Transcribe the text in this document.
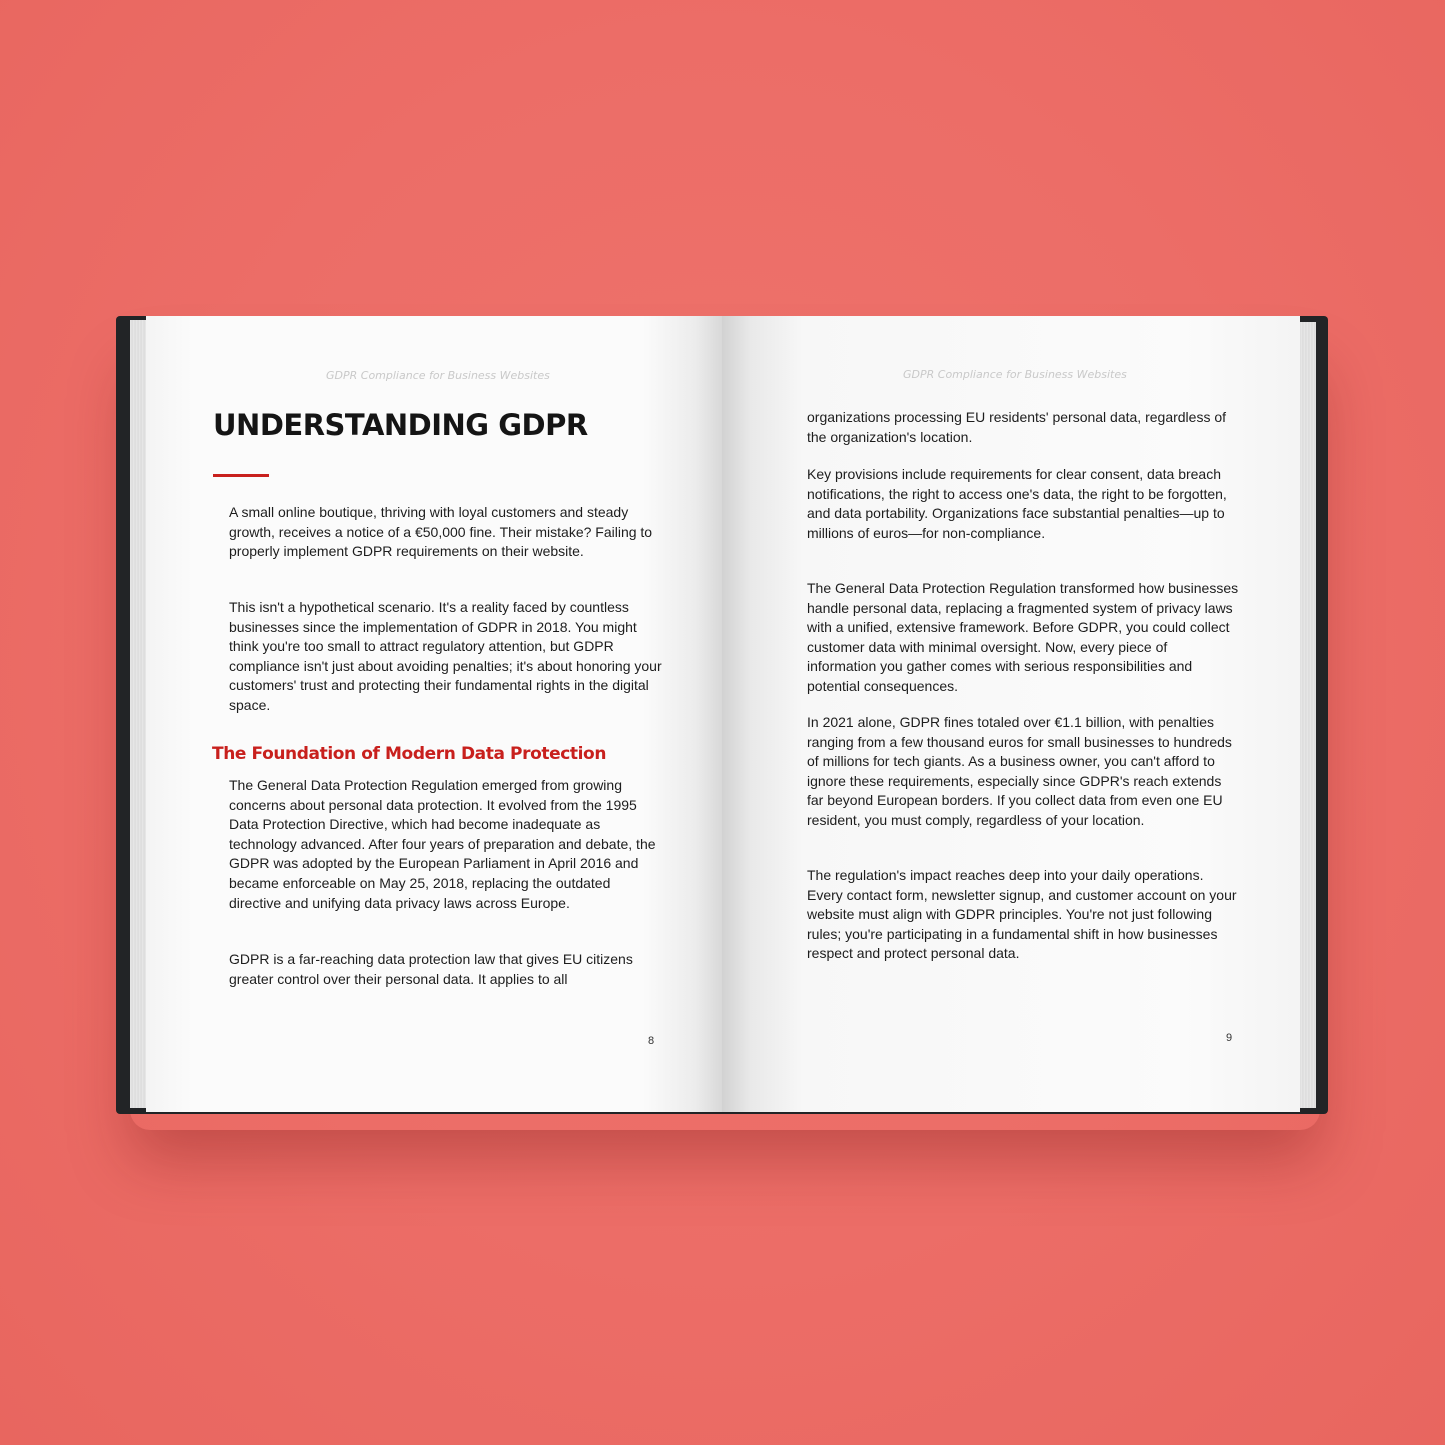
GDPR Compliance for Business Websites
UNDERSTANDING GDPR

A small online boutique, thriving with loyal customers and steady growth, receives a notice of a €50,000 fine. Their mistake? Failing to properly implement GDPR requirements on their website.

This isn't a hypothetical scenario. It's a reality faced by countless businesses since the implementation of GDPR in 2018. You might think you're too small to attract regulatory attention, but GDPR compliance isn't just about avoiding penalties; it's about honoring your customers' trust and protecting their fundamental rights in the digital space.

The Foundation of Modern Data Protection

The General Data Protection Regulation emerged from growing concerns about personal data protection. It evolved from the 1995 Data Protection Directive, which had become inadequate as technology advanced. After four years of preparation and debate, the GDPR was adopted by the European Parliament in April 2016 and became enforceable on May 25, 2018, replacing the outdated directive and unifying data privacy laws across Europe.

GDPR is a far-reaching data protection law that gives EU citizens greater control over their personal data. It applies to all

8
GDPR Compliance for Business Websites

organizations processing EU residents' personal data, regardless of the organization's location.

Key provisions include requirements for clear consent, data breach notifications, the right to access one's data, the right to be forgotten, and data portability. Organizations face substantial penalties—up to millions of euros—for non-compliance.

The General Data Protection Regulation transformed how businesses handle personal data, replacing a fragmented system of privacy laws with a unified, extensive framework. Before GDPR, you could collect customer data with minimal oversight. Now, every piece of information you gather comes with serious responsibilities and potential consequences.

In 2021 alone, GDPR fines totaled over €1.1 billion, with penalties ranging from a few thousand euros for small businesses to hundreds of millions for tech giants. As a business owner, you can't afford to ignore these requirements, especially since GDPR's reach extends far beyond European borders. If you collect data from even one EU resident, you must comply, regardless of your location.

The regulation's impact reaches deep into your daily operations. Every contact form, newsletter signup, and customer account on your website must align with GDPR principles. You're not just following rules; you're participating in a fundamental shift in how businesses respect and protect personal data.

9
